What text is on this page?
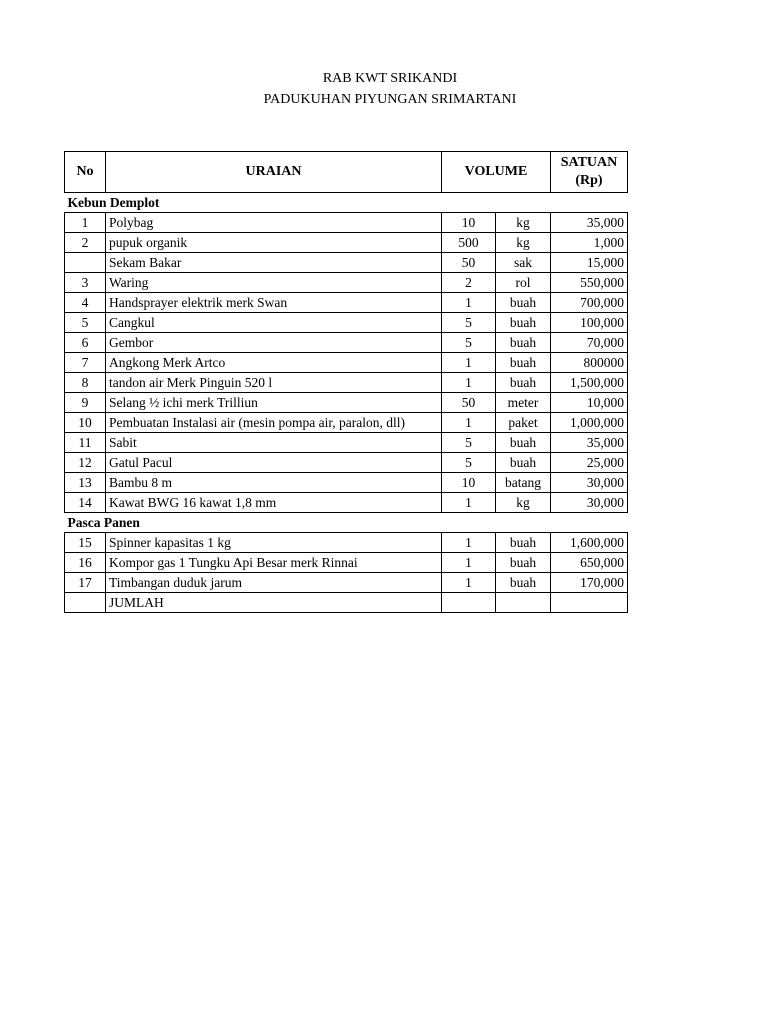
RAB KWT SRIKANDI
PADUKUHAN PIYUNGAN SRIMARTANI
No	URAIAN	VOLUME		SATUAN
(Rp)

Kebun Demplot				
1	Polybag	10	kg	35,000
2	pupuk organik	500	kg	1,000
	Sekam Bakar	50	sak	15,000
3	Waring	2	rol	550,000
4	Handsprayer elektrik merk Swan	1	buah	700,000
5	Cangkul	5	buah	100,000
6	Gembor	5	buah	70,000
7	Angkong Merk Artco	1	buah	800000
8	tandon air Merk Pinguin 520 l	1	buah	1,500,000
9	Selang ½ ichi merk Trilliun	50	meter	10,000
10	Pembuatan Instalasi air (mesin pompa air, paralon, dll)	1	paket	1,000,000
11	Sabit	5	buah	35,000
12	Gatul Pacul	5	buah	25,000
13	Bambu 8 m	10	batang	30,000
14	Kawat BWG 16 kawat 1,8 mm	1	kg	30,000
Pasca Panen				
15	Spinner kapasitas 1 kg	1	buah	1,600,000
16	Kompor gas 1 Tungku Api Besar merk Rinnai	1	buah	650,000
17	Timbangan duduk jarum	1	buah	170,000
	JUMLAH			
